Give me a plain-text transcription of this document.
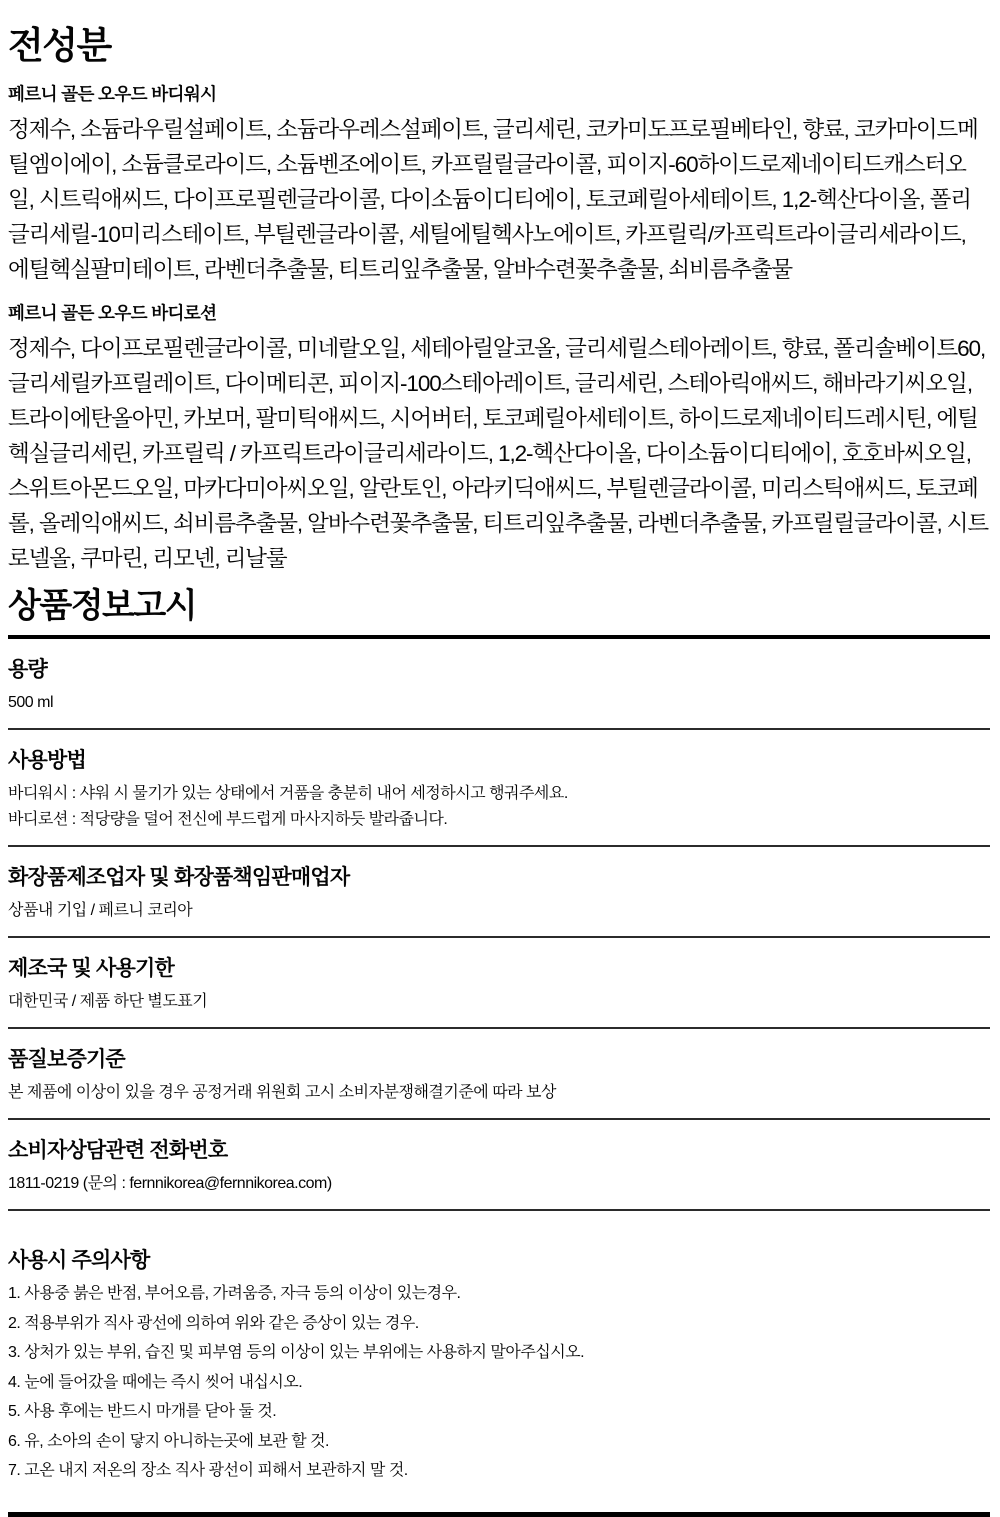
전성분
페르니 골든 오우드 바디워시

정제수, 소듐라우릴설페이트, 소듐라우레스설페이트, 글리세린, 코카미도프로필베타인, 향료, 코카마이드메틸엠이에이, 소듐클로라이드, 소듐벤조에이트, 카프릴릴글라이콜, 피이지-60하이드로제네이티드캐스터오일, 시트릭애씨드, 다이프로필렌글라이콜, 다이소듐이디티에이, 토코페릴아세테이트, 1,2-헥산다이올, 폴리글리세릴-10미리스테이트, 부틸렌글라이콜, 세틸에틸헥사노에이트, 카프릴릭/카프릭트라이글리세라이드, 에틸헥실팔미테이트, 라벤더추출물, 티트리잎추출물, 알바수련꽃추출물, 쇠비름추출물

페르니 골든 오우드 바디로션

정제수, 다이프로필렌글라이콜, 미네랄오일, 세테아릴알코올, 글리세릴스테아레이트, 향료, 폴리솔베이트60, 글리세릴카프릴레이트, 다이메티콘, 피이지-100스테아레이트, 글리세린, 스테아릭애씨드, 해바라기씨오일, 트라이에탄올아민, 카보머, 팔미틱애씨드, 시어버터, 토코페릴아세테이트, 하이드로제네이티드레시틴, 에틸헥실글리세린, 카프릴릭 / 카프릭트라이글리세라이드, 1,2-헥산다이올, 다이소듐이디티에이, 호호바씨오일, 스위트아몬드오일, 마카다미아씨오일, 알란토인, 아라키딕애씨드, 부틸렌글라이콜, 미리스틱애씨드, 토코페롤, 올레익애씨드, 쇠비름추출물, 알바수련꽃추출물, 티트리잎추출물, 라벤더추출물, 카프릴릴글라이콜, 시트로넬올, 쿠마린, 리모넨, 리날룰

상품정보고시
용량

500 ml

사용방법

바디워시 : 샤워 시 물기가 있는 상태에서 거품을 충분히 내어 세정하시고 행궈주세요.

바디로션 : 적당량을 덜어 전신에 부드럽게 마사지하듯 발라줍니다.

화장품제조업자 및 화장품책임판매업자

상품내 기입 / 페르니 코리아

제조국 및 사용기한

대한민국 / 제품 하단 별도표기

품질보증기준

본 제품에 이상이 있을 경우 공정거래 위원회 고시 소비자분쟁해결기준에 따라 보상

소비자상담관련 전화번호

1811-0219 (문의 : fernnikorea@fernnikorea.com)

사용시 주의사항

1. 사용중 붉은 반점, 부어오름, 가려움증, 자극 등의 이상이 있는경우.

2. 적용부위가 직사 광선에 의하여 위와 같은 증상이 있는 경우.

3. 상처가 있는 부위, 습진 및 피부염 등의 이상이 있는 부위에는 사용하지 말아주십시오.

4. 눈에 들어갔을 때에는 즉시 씻어 내십시오.

5. 사용 후에는 반드시 마개를 닫아 둘 것.

6. 유, 소아의 손이 닿지 아니하는곳에 보관 할 것.

7. 고온 내지 저온의 장소 직사 광선이 피해서 보관하지 말 것.
